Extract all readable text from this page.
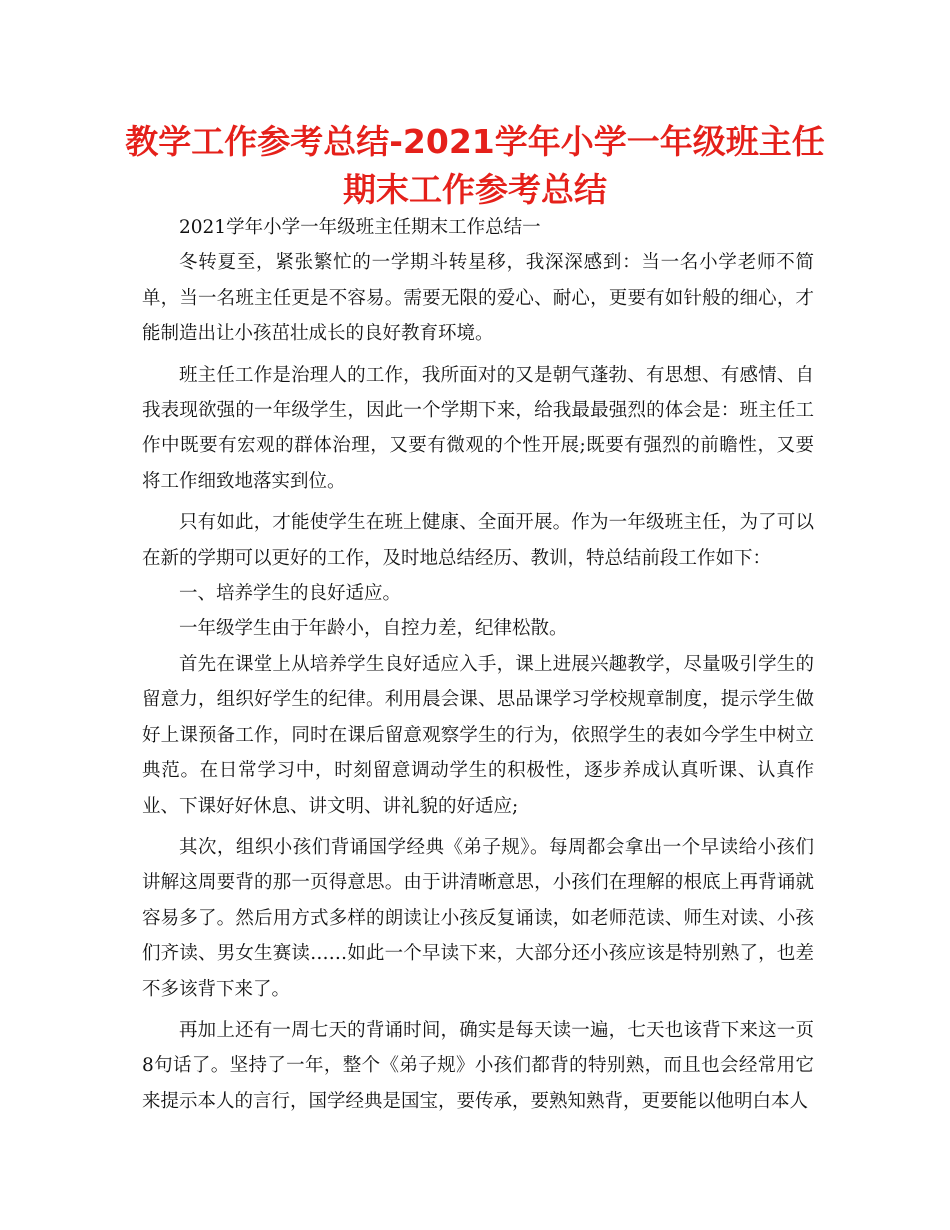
教学工作参考总结-2021学年小学一年级班主任期末工作参考总结

2021学年小学一年级班主任期末工作总结一

冬转夏至，紧张繁忙的一学期斗转星移，我深深感到：当一名小学老师不简单，当一名班主任更是不容易。需要无限的爱心、耐心，更要有如针般的细心，才能制造出让小孩茁壮成长的良好教育环境。

班主任工作是治理人的工作，我所面对的又是朝气蓬勃、有思想、有感情、自我表现欲强的一年级学生，因此一个学期下来，给我最最强烈的体会是：班主任工作中既要有宏观的群体治理，又要有微观的个性开展;既要有强烈的前瞻性，又要将工作细致地落实到位。

只有如此，才能使学生在班上健康、全面开展。作为一年级班主任，为了可以在新的学期可以更好的工作，及时地总结经历、教训，特总结前段工作如下：

一、培养学生的良好适应。

一年级学生由于年龄小，自控力差，纪律松散。

首先在课堂上从培养学生良好适应入手，课上进展兴趣教学，尽量吸引学生的留意力，组织好学生的纪律。利用晨会课、思品课学习学校规章制度，提示学生做好上课预备工作，同时在课后留意观察学生的行为，依照学生的表如今学生中树立典范。在日常学习中，时刻留意调动学生的积极性，逐步养成认真听课、认真作业、下课好好休息、讲文明、讲礼貌的好适应;

其次，组织小孩们背诵国学经典《弟子规》。每周都会拿出一个早读给小孩们讲解这周要背的那一页得意思。由于讲清晰意思，小孩们在理解的根底上再背诵就容易多了。然后用方式多样的朗读让小孩反复诵读，如老师范读、师生对读、小孩们齐读、男女生赛读……如此一个早读下来，大部分还小孩应该是特别熟了，也差不多该背下来了。

再加上还有一周七天的背诵时间，确实是每天读一遍，七天也该背下来这一页8句话了。坚持了一年，整个《弟子规》小孩们都背的特别熟，而且也会经常用它来提示本人的言行，国学经典是国宝，要传承，要熟知熟背，更要能以他明白本人
